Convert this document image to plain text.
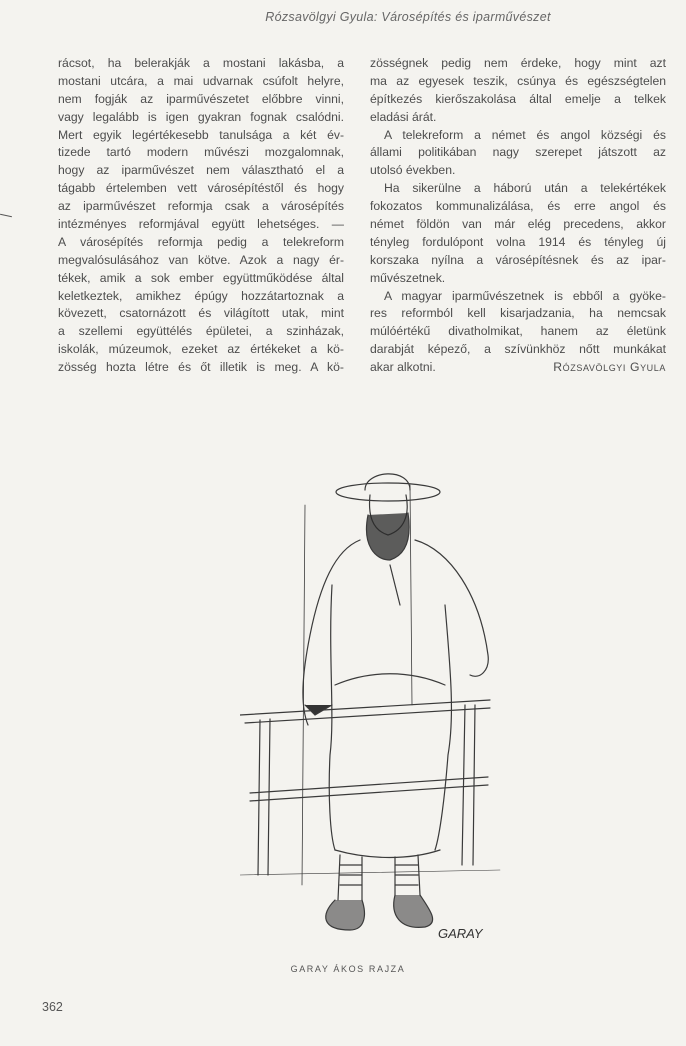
Rózsavölgyi Gyula: Városépítés és iparművészet
rácsot, ha belerakják a mostani lakásba, a
mostani utcára, a mai udvarnak csúfolt helyre,
nem fogják az iparművészetet előbbre vinni,
vagy legalább is igen gyakran fognak csalódni.
Mert egyik legértékesebb tanulsága a két év-
tizede tartó modern művészi mozgalomnak,
hogy az iparművészet nem választható el a
tágabb értelemben vett városépítéstől és hogy
az iparművészet reformja csak a városépítés
intézményes reformjával együtt lehetséges. —
A városépítés reformja pedig a telekreform
megvalósulásához van kötve. Azok a nagy ér-
tékek, amik a sok ember együttműködése által
keletkeztek, amikhez épúgy hozzátartoznak a
kövezett, csatornázott és világított utak, mint
a szellemi együttélés épületei, a szinházak,
iskolák, múzeumok, ezeket az értékeket a kö-
zösség hozta létre és őt illetik is meg. A kö-
zösségnek pedig nem érdeke, hogy mint azt
ma az egyesek teszik, csúnya és egészségtelen
építkezés kierőszakolása által emelje a telkek
eladási árát.
A telekreform a német és angol községi és
állami politikában nagy szerepet játszott az
utolsó években.
Ha sikerülne a háború után a telekértékek
fokozatos kommunalizálása, és erre angol és
német földön van már elég precedens, akkor
tényleg fordulópont volna 1914 és tényleg új
korszaka nyílna a városépítésnek és az ipar-
művészetnek.
A magyar iparművészetnek is ebből a gyöke-
res reformból kell kisarjadzania, ha nemcsak
múlóértékű divatholmikat, hanem az életünk
darabját képező, a szívünkhöz nőtt munkákat
akar alkotni.	Rózsavölgyi Gyula
GARAY
GARAY ÁKOS RAJZA
362
